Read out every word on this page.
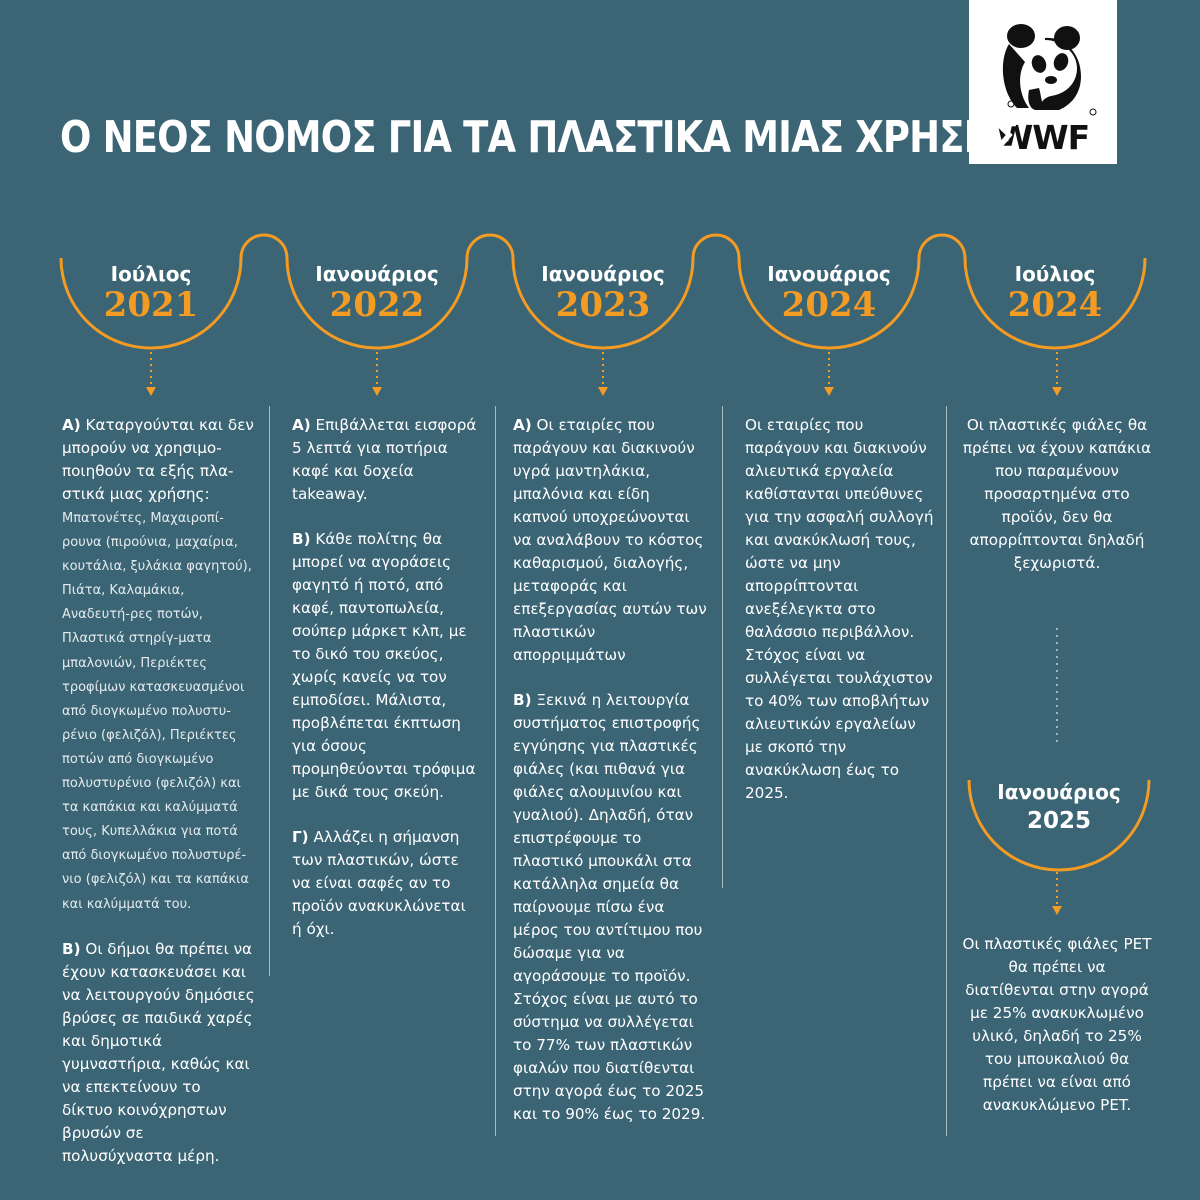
WWF
Ο ΝΕΟΣ ΝΟΜΟΣ ΓΙΑ ΤΑ ΠΛΑΣΤΙΚΑ ΜΙΑΣ ΧΡΗΣΗΣ
Ιούλιος
2021
Ιανουάριος
2022
Ιανουάριος
2023
Ιανουάριος
2024
Ιούλιος
2024
Ιανουάριος
2025

Α) Καταργούνται και δεν μπορούν να χρησιμο-ποιηθούν τα εξής πλα-στικά μιας χρήσης:
Μπατονέτες, Μαχαιροπί-ρουνα (πιρούνια, μαχαίρια, κουτάλια, ξυλάκια φαγητού), Πιάτα, Καλαμάκια, Αναδευτή-ρες ποτών, Πλαστικά στηρίγ-ματα μπαλονιών, Περιέκτες τροφίμων κατασκευασμένοι από διογκωμένο πολυστυ-ρένιο (φελιζόλ), Περιέκτες ποτών από διογκωμένο πολυστυρένιο (φελιζόλ) και τα καπάκια και καλύμματά τους, Κυπελλάκια για ποτά από διογκωμένο πολυστυρέ-νιο (φελιζόλ) και τα καπάκια και καλύμματά του.

Β) Οι δήμοι θα πρέπει να έχουν κατασκευάσει και να λειτουργούν δημόσιες βρύσες σε παιδικά χαρές και δημοτικά γυμναστήρια, καθώς και να επεκτείνουν το δίκτυο κοινόχρηστων βρυσών σε πολυσύχναστα μέρη.

Α) Επιβάλλεται εισφορά 5 λεπτά για ποτήρια καφέ και δοχεία takeaway.

Β) Κάθε πολίτης θα μπορεί να αγοράσεις φαγητό ή ποτό, από καφέ, παντοπωλεία, σούπερ μάρκετ κλπ, με το δικό του σκεύος, χωρίς κανείς να τον εμποδίσει. Μάλιστα, προβλέπεται έκπτωση για όσους προμηθεύονται τρόφιμα με δικά τους σκεύη.

Γ) Αλλάζει η σήμανση των πλαστικών, ώστε να είναι σαφές αν το προϊόν ανακυκλώνεται ή όχι.

Α) Οι εταιρίες που παράγουν και διακινούν υγρά μαντηλάκια, μπαλόνια και είδη καπνού υποχρεώνονται να αναλάβουν το κόστος καθαρισμού, διαλογής, μεταφοράς και επεξεργασίας αυτών των πλαστικών απορριμμάτων

Β) Ξεκινά η λειτουργία συστήματος επιστροφής εγγύησης για πλαστικές φιάλες (και πιθανά για φιάλες αλουμινίου και γυαλιού). Δηλαδή, όταν επιστρέφουμε το πλαστικό μπουκάλι στα κατάλληλα σημεία θα παίρνουμε πίσω ένα μέρος του αντίτιμου που δώσαμε για να αγοράσουμε το προϊόν. Στόχος είναι με αυτό το σύστημα να συλλέγεται το 77% των πλαστικών φιαλών που διατίθενται στην αγορά έως το 2025 και το 90% έως το 2029.

Οι εταιρίες που παράγουν και διακινούν αλιευτικά εργαλεία καθίστανται υπεύθυνες για την ασφαλή συλλογή και ανακύκλωσή τους, ώστε να μην απορρίπτονται ανεξέλεγκτα στο θαλάσσιο περιβάλλον. Στόχος είναι να συλλέγεται τουλάχιστον το 40% των αποβλήτων αλιευτικών εργαλείων με σκοπό την ανακύκλωση έως το 2025.

Οι πλαστικές φιάλες θα πρέπει να έχουν καπάκια που παραμένουν προσαρτημένα στο προϊόν, δεν θα απορρίπτονται δηλαδή ξεχωριστά.

Οι πλαστικές φιάλες PET θα πρέπει να διατίθενται στην αγορά με 25% ανακυκλωμένο υλικό, δηλαδή το 25% του μπουκαλιού θα πρέπει να είναι από ανακυκλώμενο PET.
